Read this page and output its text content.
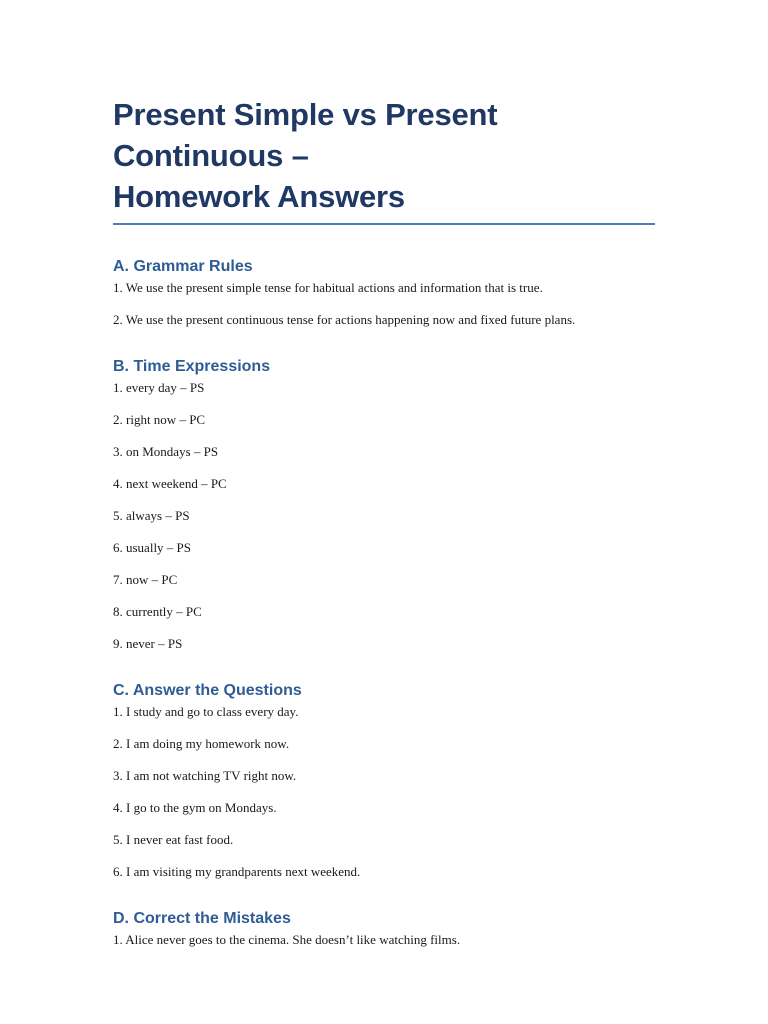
Present Simple vs Present Continuous –
Homework Answers
A. Grammar Rules

1. We use the present simple tense for habitual actions and information that is true.

2. We use the present continuous tense for actions happening now and fixed future plans.

B. Time Expressions

1. every day – PS

2. right now – PC

3. on Mondays – PS

4. next weekend – PC

5. always – PS

6. usually – PS

7. now – PC

8. currently – PC

9. never – PS

C. Answer the Questions

1. I study and go to class every day.

2. I am doing my homework now.

3. I am not watching TV right now.

4. I go to the gym on Mondays.

5. I never eat fast food.

6. I am visiting my grandparents next weekend.

D. Correct the Mistakes

1. Alice never goes to the cinema. She doesn’t like watching films.
